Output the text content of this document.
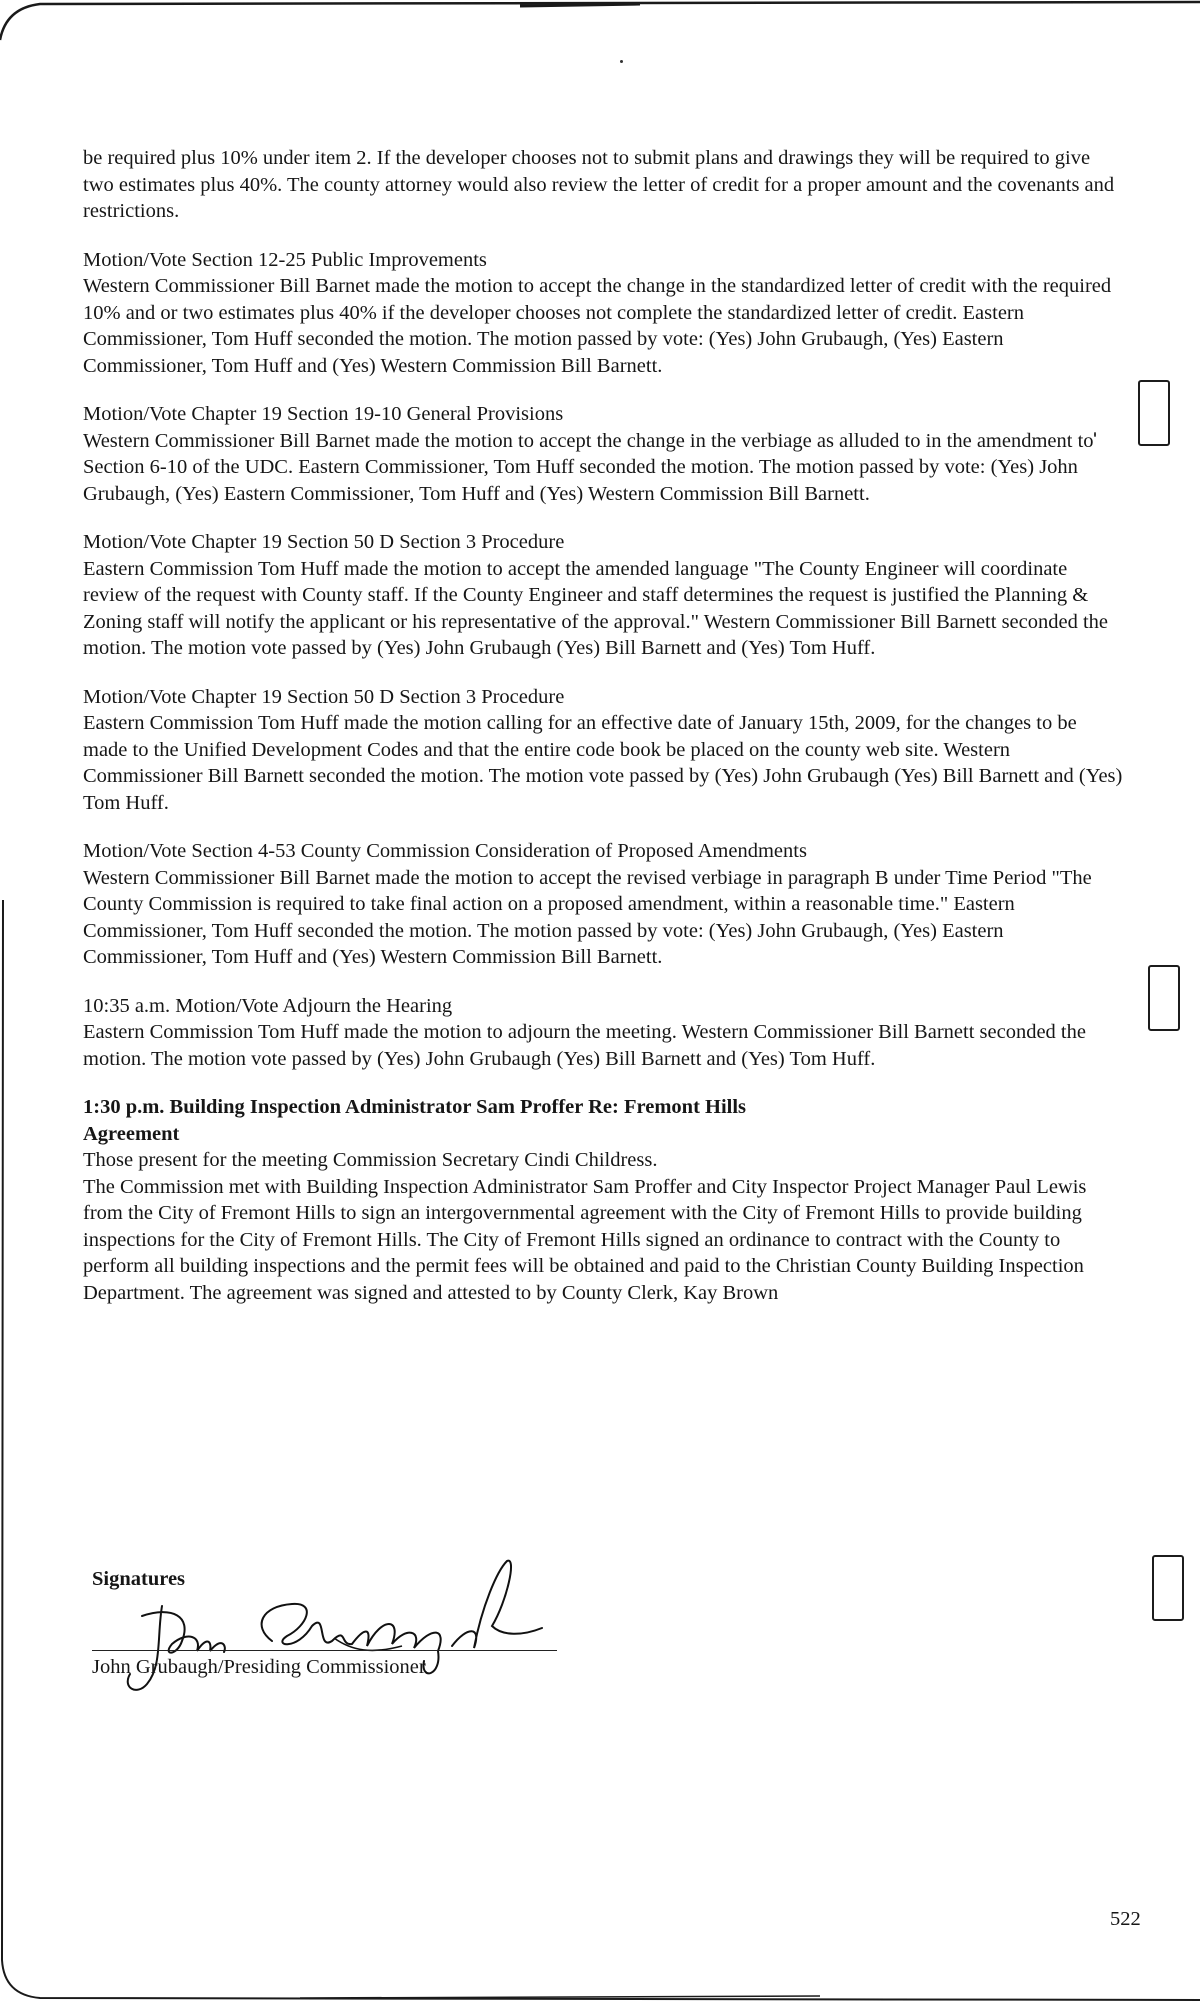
be required plus 10% under item 2. If the developer chooses not to submit plans and drawings they will be required to give two estimates plus 40%. The county attorney would also review the letter of credit for a proper amount and the covenants and restrictions.

Motion/Vote Section 12-25 Public Improvements

Western Commissioner Bill Barnet made the motion to accept the change in the standardized letter of credit with the required 10% and or two estimates plus 40% if the developer chooses not complete the standardized letter of credit. Eastern Commissioner, Tom Huff seconded the motion. The motion passed by vote: (Yes) John Grubaugh, (Yes) Eastern Commissioner, Tom Huff and (Yes) Western Commission Bill Barnett.

Motion/Vote Chapter 19 Section 19-10 General Provisions

Western Commissioner Bill Barnet made the motion to accept the change in the verbiage as alluded to in the amendment to Section 6-10 of the UDC. Eastern Commissioner, Tom Huff seconded the motion. The motion passed by vote: (Yes) John Grubaugh, (Yes) Eastern Commissioner, Tom Huff and (Yes) Western Commission Bill Barnett.

Motion/Vote Chapter 19 Section 50 D Section 3 Procedure

Eastern Commission Tom Huff made the motion to accept the amended language "The County Engineer will coordinate review of the request with County staff. If the County Engineer and staff determines the request is justified the Planning & Zoning staff will notify the applicant or his representative of the approval." Western Commissioner Bill Barnett seconded the motion. The motion vote passed by (Yes) John Grubaugh (Yes) Bill Barnett and (Yes) Tom Huff.

Motion/Vote Chapter 19 Section 50 D Section 3 Procedure

Eastern Commission Tom Huff made the motion calling for an effective date of January 15th, 2009, for the changes to be made to the Unified Development Codes and that the entire code book be placed on the county web site. Western Commissioner Bill Barnett seconded the motion. The motion vote passed by (Yes) John Grubaugh (Yes) Bill Barnett and (Yes) Tom Huff.

Motion/Vote Section 4-53 County Commission Consideration of Proposed Amendments

Western Commissioner Bill Barnet made the motion to accept the revised verbiage in paragraph B under Time Period "The County Commission is required to take final action on a proposed amendment, within a reasonable time." Eastern Commissioner, Tom Huff seconded the motion. The motion passed by vote: (Yes) John Grubaugh, (Yes) Eastern Commissioner, Tom Huff and (Yes) Western Commission Bill Barnett.

10:35 a.m. Motion/Vote Adjourn the Hearing

Eastern Commission Tom Huff made the motion to adjourn the meeting. Western Commissioner Bill Barnett seconded the motion. The motion vote passed by (Yes) John Grubaugh (Yes) Bill Barnett and (Yes) Tom Huff.

1:30 p.m. Building Inspection Administrator Sam Proffer Re: Fremont Hills Agreement

Those present for the meeting Commission Secretary Cindi Childress.

The Commission met with Building Inspection Administrator Sam Proffer and City Inspector Project Manager Paul Lewis from the City of Fremont Hills to sign an intergovernmental agreement with the City of Fremont Hills to provide building inspections for the City of Fremont Hills. The City of Fremont Hills signed an ordinance to contract with the County to perform all building inspections and the permit fees will be obtained and paid to the Christian County Building Inspection Department. The agreement was signed and attested to by County Clerk, Kay Brown

Signatures
John Grubaugh/Presiding Commissioner
522
